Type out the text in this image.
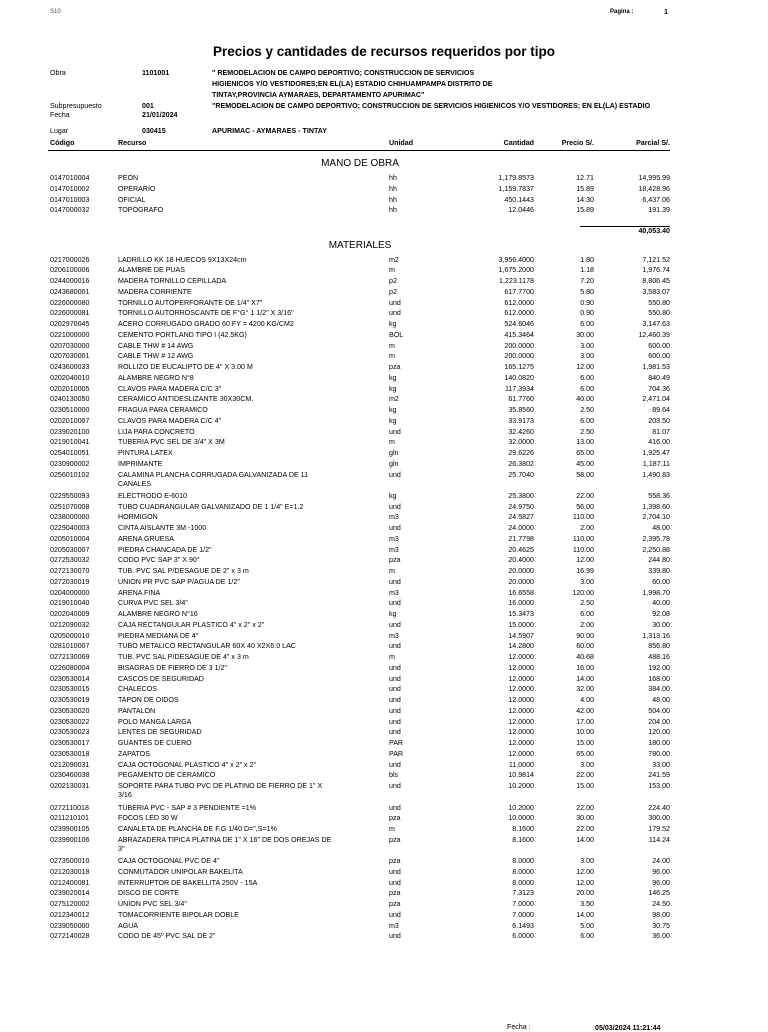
S10	Pagina :	1
Precios y cantidades de recursos requeridos por tipo
Obra	1101001	" REMODELACION DE CAMPO DEPORTIVO; CONSTRUCCION DE SERVICIOS
HIGIENICOS Y/O VESTIDORES;EN EL(LA) ESTADIO CHIHUAMPAMPA DISTRITO DE
TINTAY,PROVINCIA AYMARAES, DEPARTAMENTO APURIMAC"
Subpresupuesto	001	"REMODELACION DE CAMPO DEPORTIVO; CONSTRUCCION DE SERVICIOS HIGIENICOS Y/O VESTIDORES; EN EL(LA) ESTADIO
Fecha	21/01/2024
Lugar	030415	APURIMAC - AYMARAES - TINTAY
Código	Recurso	Unidad	Cantidad	Precio S/.	Parcial S/.
MANO DE OBRA
0147010004	PEON	hh	1,179.8573	12.71	14,995.99
0147010002	OPERARIO	hh	1,159.7837	15.89	18,428.96
0147010003	OFICIAL	hh	450.1443	14.30	6,437.06
0147000032	TOPOGRAFO	hh	12.0446	15.89	191.39
40,053.40
MATERIALES
0217000026	LADRILLO KK 18 HUECOS 9X13X24cm	m2	3,956.4000	1.80	7,121.52
0206100006	ALAMBRE DE PUAS	m	1,675.2000	1.18	1,976.74
0244000016	MADERA TORNILLO CEPILLADA	p2	1,223.1178	7.20	8,806.45
0243680001	MADERA CORRIENTE	p2	617.7700	5.80	3,583.07
0226000080	TORNILLO AUTOPERFORANTE DE 1/4" X7"	und	612.0000	0.90	550.80
0226000081	TORNILLO AUTORROSCANTE DE F°G° 1 1/2" X 3/16"	und	612.0000	0.90	550.80
0202970045	ACERO CORRUGADO GRADO 60 FY = 4200 KG/CM2	kg	524.6046	6.00	3,147.63
0221000000	CEMENTO PORTLAND TIPO I (42.5KG)	BOL	415.3464	30.00	12,460.39
0207030000	CABLE THW # 14 AWG	m	200.0000	3.00	600.00
0207030001	CABLE THW # 12 AWG	m	200.0000	3.00	600.00
0243600033	ROLLIZO DE EUCALIPTO DE 4" X 3.00 M	pza	165.1275	12.00	1,981.53
0202040010	ALAMBRE NEGRO N°8	kg	140.0820	6.00	840.49
0202010005	CLAVOS PARA MADERA C/C 3"	kg	117.3934	6.00	704.36
0240130050	CERAMICO ANTIDESLIZANTE 30X30CM.	m2	61.7760	40.00	2,471.04
0230510000	FRAGUA PARA CERAMICO	kg	35.8560	2.50	89.64
0202010007	CLAVOS PARA MADERA C/C 4"	kg	33.9173	6.00	203.50
0239020100	LIJA PARA CONCRETO	und	32.4260	2.50	81.07
0219010041	TUBERIA PVC SEL DE 3/4" X 3M	m	32.0000	13.00	416.00
0254010051	PINTURA LATEX	gln	29.6226	65.00	1,925.47
0230900002	IMPRIMANTE	gln	26.3802	45.00	1,187.11
0256010102	CALAMINA PLANCHA CORRUGADA GALVANIZADA DE 11	und	25.7040	58.00	1,490.83
CANALES
0229550093	ELECTRODO E-6010	kg	25.3800	22.00	558.36
0251070008	TUBO CUADRANGULAR GALVANIZADO DE 1 1/4" E=1.2	und	24.9750	56.00	1,398.60
0238000000	HORMIGON	m3	24.5827	110.00	2,704.10
0229040003	CINTA AISLANTE 3M -1000	und	24.0000	2.00	48.00
0205010004	ARENA GRUESA	m3	21.7798	110.00	2,395.78
0205030007	PIEDRA CHANCADA DE 1/2"	m3	20.4625	110.00	2,250.88
0272530032	CODO PVC SAP 3" X 90°	pza	20.4000	12.00	244.80
0272130070	TUB. PVC SAL P/DESAGUE DE 2" x 3 m	m	20.0000	16.99	339.80
0272030019	UNION PR PVC SAP P/AGUA DE 1/2"	und	20.0000	3.00	60.00
0204000000	ARENA FINA	m3	16.6558	120.00	1,998.70
0219010040	CURVA PVC SEL 3/4"	und	16.0000	2.50	40.00
0202040009	ALAMBRE NEGRO N°16	kg	15.3473	6.00	92.08
0212090032	CAJA RECTANGULAR PLASTICO 4" x 2" x 2"	und	15.0000	2.00	30.00
0205000010	PIEDRA MEDIANA DE 4"	m3	14.5907	90.00	1,313.16
0281010007	TUBO METALICO RECTANGULAR 60X 40 X2X6.0 LAC	und	14.2800	60.00	856.80
0272130069	TUB. PVC SAL P/DESAGUE DE 4" x 3 m	m	12.0000	40.68	488.16
0226080004	BISAGRAS DE FIERRO DE 3 1/2"	und	12.0000	16.00	192.00
0230530014	CASCOS DE SEGURIDAD	und	12.0000	14.00	168.00
0230530015	CHALECOS	und	12.0000	32.00	384.00
0230530019	TAPON DE OIDOS	und	12.0000	4.00	48.00
0230530020	PANTALON	und	12.0000	42.00	504.00
0230530022	POLO MANGA LARGA	und	12.0000	17.00	204.00
0230530023	LENTES DE SEGURIDAD	und	12.0000	10.00	120.00
0230530017	GUANTES DE CUERO	PAR	12.0000	15.00	180.00
0230530018	ZAPATOS	PAR	12.0000	65.00	780.00
0212090031	CAJA OCTOGONAL PLASTICO 4" x 2" x 2"	und	11.0000	3.00	33.00
0230460038	PEGAMENTO DE CERAMICO	bls	10.9814	22.00	241.59
0202130031	SOPORTE PARA TUBO PVC DE PLATINO DE FIERRO DE 1" X	und	10.2000	15.00	153.00
3/16
0272110018	TUBERIA PVC - SAP # 3 PENDIENTE =1%	und	10.2000	22.00	224.40
0211210101	FOCOS LED 30 W	pza	10.0000	30.00	300.00
0239900105	CANALETA DE PLANCHA DE F.G 1/40 D=",S=1%	m	8.1600	22.00	179.52
0239900106	ABRAZADERA TIPICA PLATINA DE 1" X 16" DE DOS OREJAS DE	pza	8.1600	14.00	114.24
3"
0273500010	CAJA OCTOGONAL PVC DE 4"	pza	8.0000	3.00	24.00
0212030018	CONMUTADOR UNIPOLAR BAKELITA	und	8.0000	12.00	96.00
0212400081	INTERRUPTOR DE BAKELLITA 250V - 15A	und	8.0000	12.00	96.00
0239020014	DISCO DE CORTE	pza	7.3123	20.00	146.25
0275120002	UNION PVC SEL 3/4"	pza	7.0000	3.50	24.50
0212340012	TOMACORRIENTE BIPOLAR DOBLE	und	7.0000	14.00	98.00
0239050000	AGUA	m3	6.1493	5.00	30.75
0272140028	CODO DE 45º PVC SAL DE 2"	und	6.0000	6.00	36.00
Fecha :	05/03/2024 11:21:44
